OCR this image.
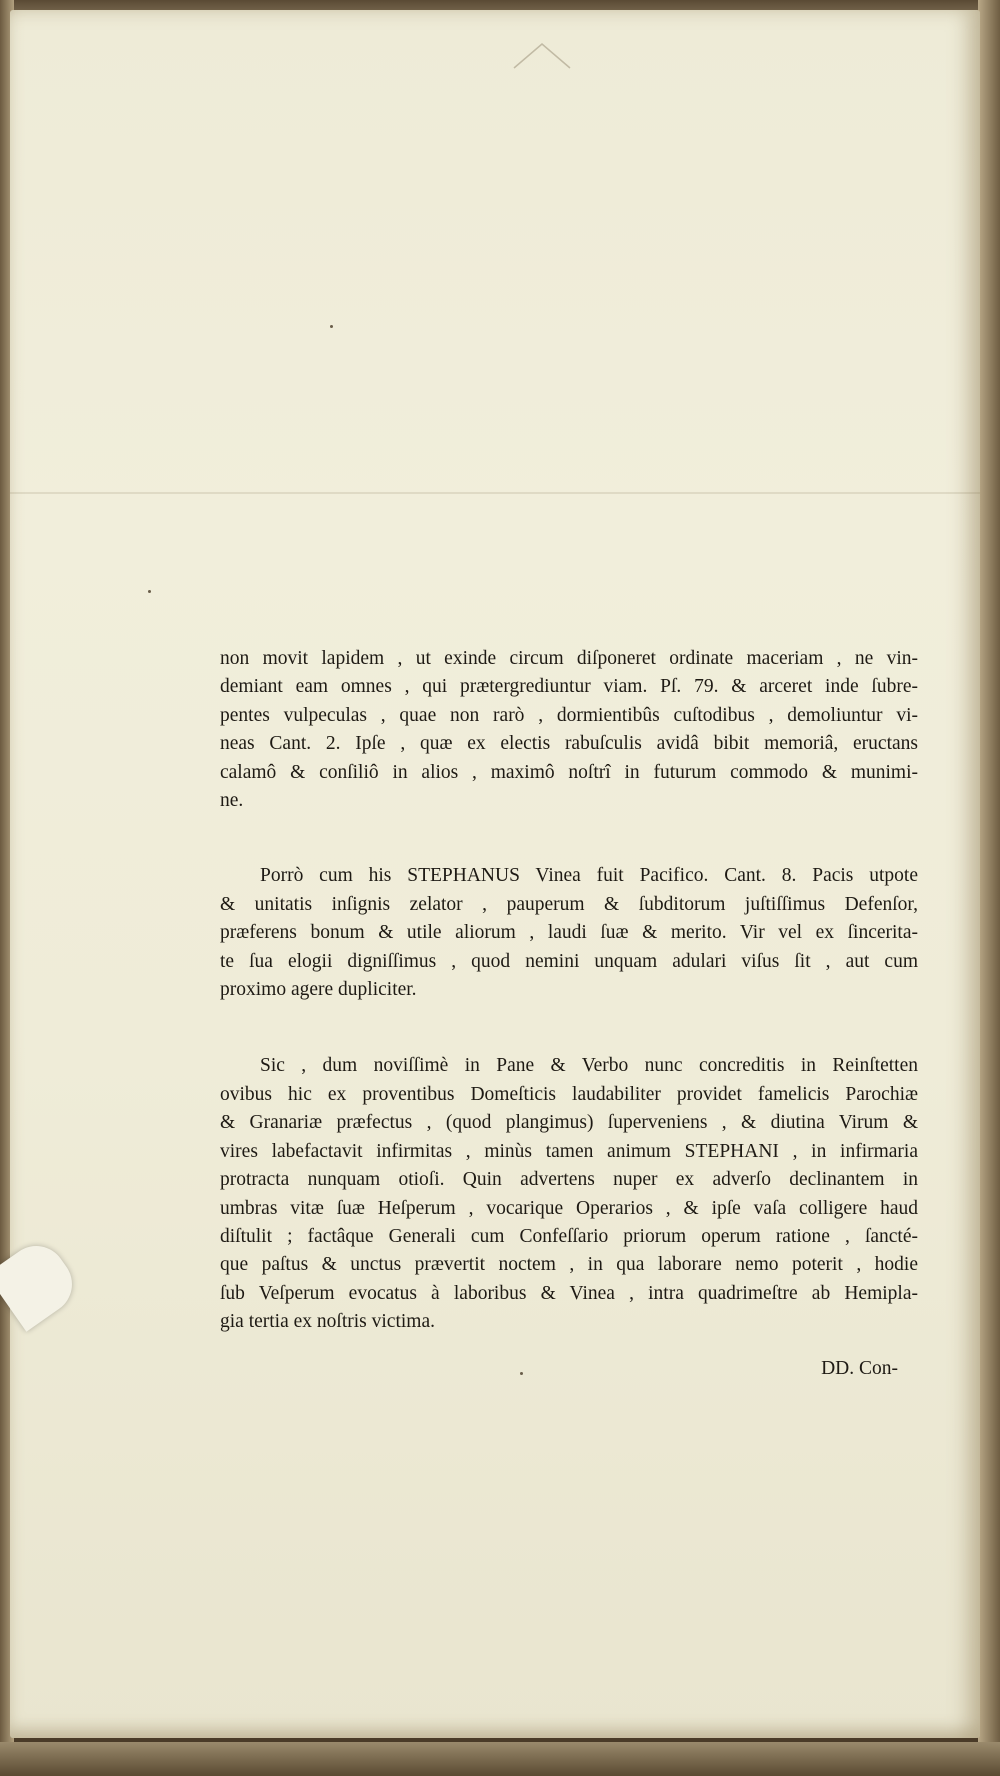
non movit lapidem , ut exinde circum diſponeret ordinate maceriam , ne vin-
demiant eam omnes , qui prætergrediuntur viam. Pſ. 79. & arceret inde ſubre-
pentes vulpeculas , quae non rarò , dormientibûs cuſtodibus , demoliuntur vi-
neas Cant. 2. Ipſe , quæ ex electis rabuſculis avidâ bibit memoriâ, eructans
calamô & conſiliô in alios , maximô noſtrî in futurum commodo & munimi-
ne.
Porrò cum his STEPHANUS Vinea fuit Pacifico. Cant. 8. Pacis utpote
& unitatis inſignis zelator , pauperum & ſubditorum juſtiſſimus Defenſor,
præferens bonum & utile aliorum , laudi ſuæ & merito. Vir vel ex ſincerita-
te ſua elogii digniſſimus , quod nemini unquam adulari viſus ſit , aut cum
proximo agere dupliciter.
Sic , dum noviſſimè in Pane & Verbo nunc concreditis in Reinſtetten
ovibus hic ex proventibus Domeſticis laudabiliter providet famelicis Parochiæ
& Granariæ præfectus , (quod plangimus) ſuperveniens , & diutina Virum &
vires labefactavit infirmitas , minùs tamen animum STEPHANI , in infirmaria
protracta nunquam otioſi. Quin advertens nuper ex adverſo declinantem in
umbras vitæ ſuæ Heſperum , vocarique Operarios , & ipſe vaſa colligere haud
diſtulit ; factâque Generali cum Confeſſario priorum operum ratione , ſancté-
que paſtus & unctus prævertit noctem , in qua laborare nemo poterit , hodie
ſub Veſperum evocatus à laboribus & Vinea , intra quadrimeſtre ab Hemipla-
gia tertia ex noſtris victima.
DD. Con-
